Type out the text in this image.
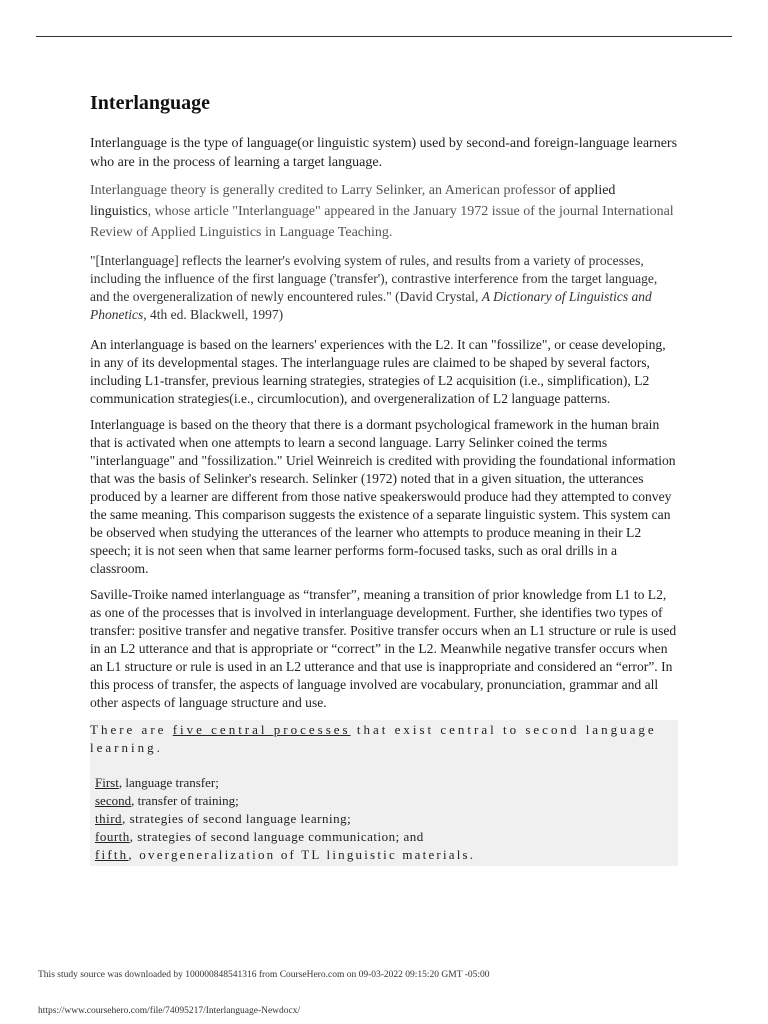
Interlanguage

Interlanguage is the type of language(or linguistic system) used by second-and foreign-language learners who are in the process of learning a target language.

Interlanguage theory is generally credited to Larry Selinker, an American professor of applied linguistics, whose article "Interlanguage" appeared in the January 1972 issue of the journal International Review of Applied Linguistics in Language Teaching.

"[Interlanguage] reflects the learner's evolving system of rules, and results from a variety of processes, including the influence of the first language ('transfer'), contrastive interference from the target language, and the overgeneralization of newly encountered rules." (David Crystal, A Dictionary of Linguistics and Phonetics, 4th ed. Blackwell, 1997)

An interlanguage is based on the learners' experiences with the L2. It can "fossilize", or cease developing, in any of its developmental stages. The interlanguage rules are claimed to be shaped by several factors, including L1-transfer, previous learning strategies, strategies of L2 acquisition (i.e., simplification), L2 communication strategies(i.e., circumlocution), and overgeneralization of L2 language patterns.

Interlanguage is based on the theory that there is a dormant psychological framework in the human brain that is activated when one attempts to learn a second language. Larry Selinker coined the terms "interlanguage" and "fossilization." Uriel Weinreich is credited with providing the foundational information that was the basis of Selinker's research. Selinker (1972) noted that in a given situation, the utterances produced by a learner are different from those native speakerswould produce had they attempted to convey the same meaning. This comparison suggests the existence of a separate linguistic system. This system can be observed when studying the utterances of the learner who attempts to produce meaning in their L2 speech; it is not seen when that same learner performs form-focused tasks, such as oral drills in a classroom.

Saville-Troike named interlanguage as “transfer”, meaning a transition of prior knowledge from L1 to L2, as one of the processes that is involved in interlanguage development. Further, she identifies two types of transfer: positive transfer and negative transfer. Positive transfer occurs when an L1 structure or rule is used in an L2 utterance and that is appropriate or “correct” in the L2. Meanwhile negative transfer occurs when an L1 structure or rule is used in an L2 utterance and that use is inappropriate and considered an “error”. In this process of transfer, the aspects of language involved are vocabulary, pronunciation, grammar and all other aspects of language structure and use.

There are five central processes that exist central to second language learning.
First, language transfer;
second, transfer of training;
third, strategies of second language learning;
fourth, strategies of second language communication; and
fifth, overgeneralization of TL linguistic materials.
This study source was downloaded by 100000848541316 from CourseHero.com on 09-03-2022 09:15:20 GMT -05:00
https://www.coursehero.com/file/74095217/Interlanguage-Newdocx/
